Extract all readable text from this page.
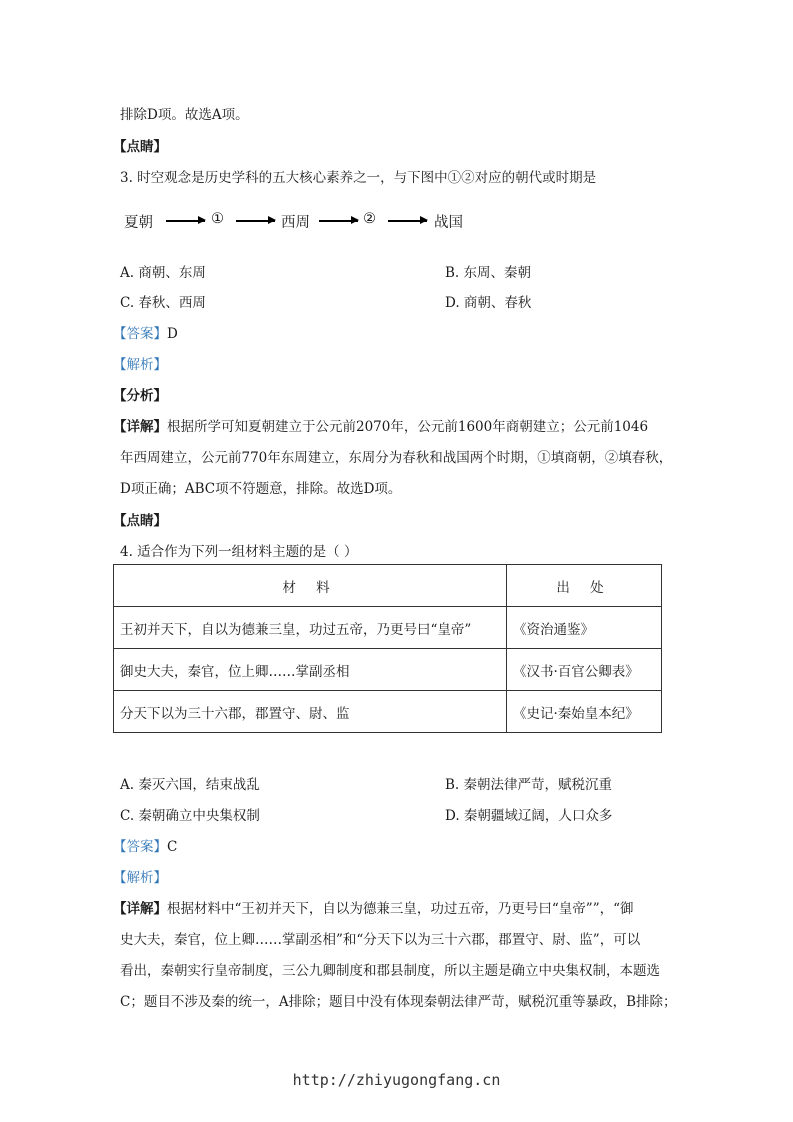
排除D项。故选A项。
【点睛】
3. 时空观念是历史学科的五大核心素养之一，与下图中①②对应的朝代或时期是
夏朝	①	西周	②	战国
A. 商朝、东周	B. 东周、秦朝
C. 春秋、西周	D. 商朝、春秋
【答案】D
【解析】
【分析】
【详解】根据所学可知夏朝建立于公元前2070年，公元前1600年商朝建立；公元前1046
年西周建立，公元前770年东周建立，东周分为春秋和战国两个时期，①填商朝，②填春秋，
D项正确；ABC项不符题意，排除。故选D项。
【点睛】
4. 适合作为下列一组材料主题的是（ ）
材 料	出 处
王初并天下，自以为德兼三皇，功过五帝，乃更号曰“皇帝”	《资治通鉴》
御史大夫，秦官，位上卿……掌副丞相	《汉书·百官公卿表》
分天下以为三十六郡，郡置守、尉、监	《史记·秦始皇本纪》
A. 秦灭六国，结束战乱	B. 秦朝法律严苛，赋税沉重
C. 秦朝确立中央集权制	D. 秦朝疆域辽阔，人口众多
【答案】C
【解析】
【详解】根据材料中“王初并天下，自以为德兼三皇，功过五帝，乃更号曰“皇帝””，“御
史大夫，秦官，位上卿……掌副丞相”和“分天下以为三十六郡，郡置守、尉、监”，可以
看出，秦朝实行皇帝制度，三公九卿制度和郡县制度，所以主题是确立中央集权制，本题选
C；题目不涉及秦的统一，A排除；题目中没有体现秦朝法律严苛，赋税沉重等暴政，B排除；
http://zhiyugongfang.cn
